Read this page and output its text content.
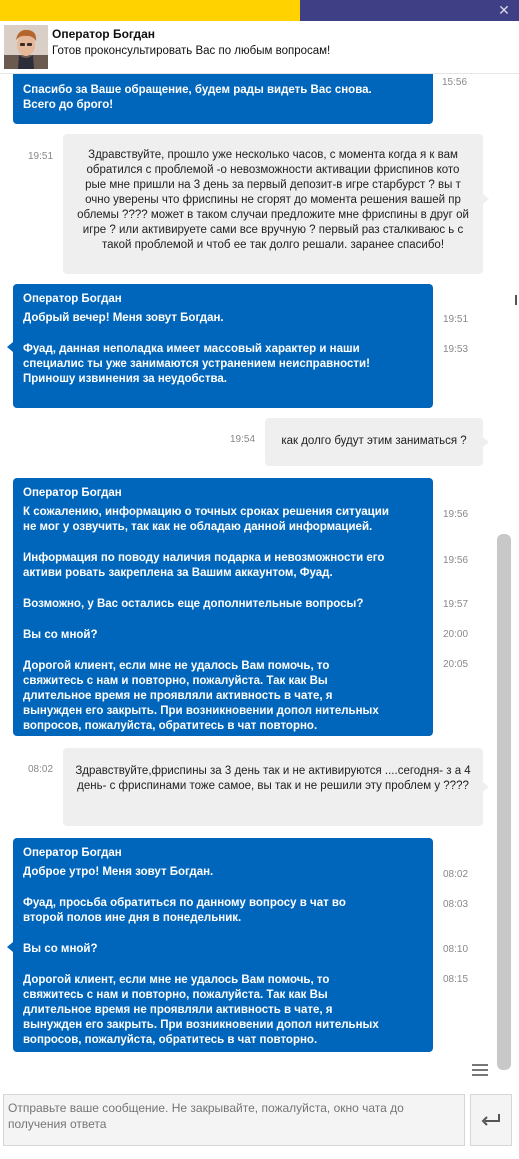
✕
Оператор Богдан
Готов проконсультировать Вас по любым вопросам!
Спасибо за Ваше обращение, будем рады видеть Вас снова. Всего до брого!
15:56
19:51	Здравствуйте, прошло уже несколько часов, с момента когда я к вам обратился с проблемой -о невозможности активации фриспинов кото рые мне пришли на 3 день за первый депозит-в игре старбурст ? вы т очно уверены что фриспины не сгорят до момента решения вашей пр облемы ???? может в таком случаи предложите мне фриспины в друг ой игре ? или активируете сами все вручную ? первый раз сталкиваюс ь с такой проблемой и чтоб ее так долго решали. заранее спасибо!
Оператор Богдан
Добрый вечер! Меня зовут Богдан.
Фуад, данная неполадка имеет массовый характер и наши специалис ты уже занимаются устранением неисправности! Приношу извинения за неудобства.
19:51
19:53
19:54	как долго будут этим заниматься ?
Оператор Богдан
К сожалению, информацию о точных сроках решения ситуации не мог у озвучить, так как не обладаю данной информацией.
Информация по поводу наличия подарка и невозможности его активи ровать закреплена за Вашим аккаунтом, Фуад.
Возможно, у Вас остались еще дополнительные вопросы?
Вы со мной?
Дорогой клиент, если мне не удалось Вам помочь, то свяжитесь с нам и повторно, пожалуйста. Так как Вы длительное время не проявляли активность в чате, я вынужден его закрыть. При возникновении допол нительных вопросов, пожалуйста, обратитесь в чат повторно.
19:56
19:56
19:57
20:00
20:05
08:02	Здравствуйте,фриспины за 3 день так и не активируются ....сегодня- з а 4 день- с фриспинами тоже самое, вы так и не решили эту проблем у ????
Оператор Богдан
Доброе утро! Меня зовут Богдан.
Фуад, просьба обратиться по данному вопросу в чат во второй полов ине дня в понедельник.
Вы со мной?
Дорогой клиент, если мне не удалось Вам помочь, то свяжитесь с нам и повторно, пожалуйста. Так как Вы длительное время не проявляли активность в чате, я вынужден его закрыть. При возникновении допол нительных вопросов, пожалуйста, обратитесь в чат повторно.
08:02
08:03
08:10
08:15
Отправьте ваше сообщение. Не закрывайте, пожалуйста, окно чата до получения ответа
